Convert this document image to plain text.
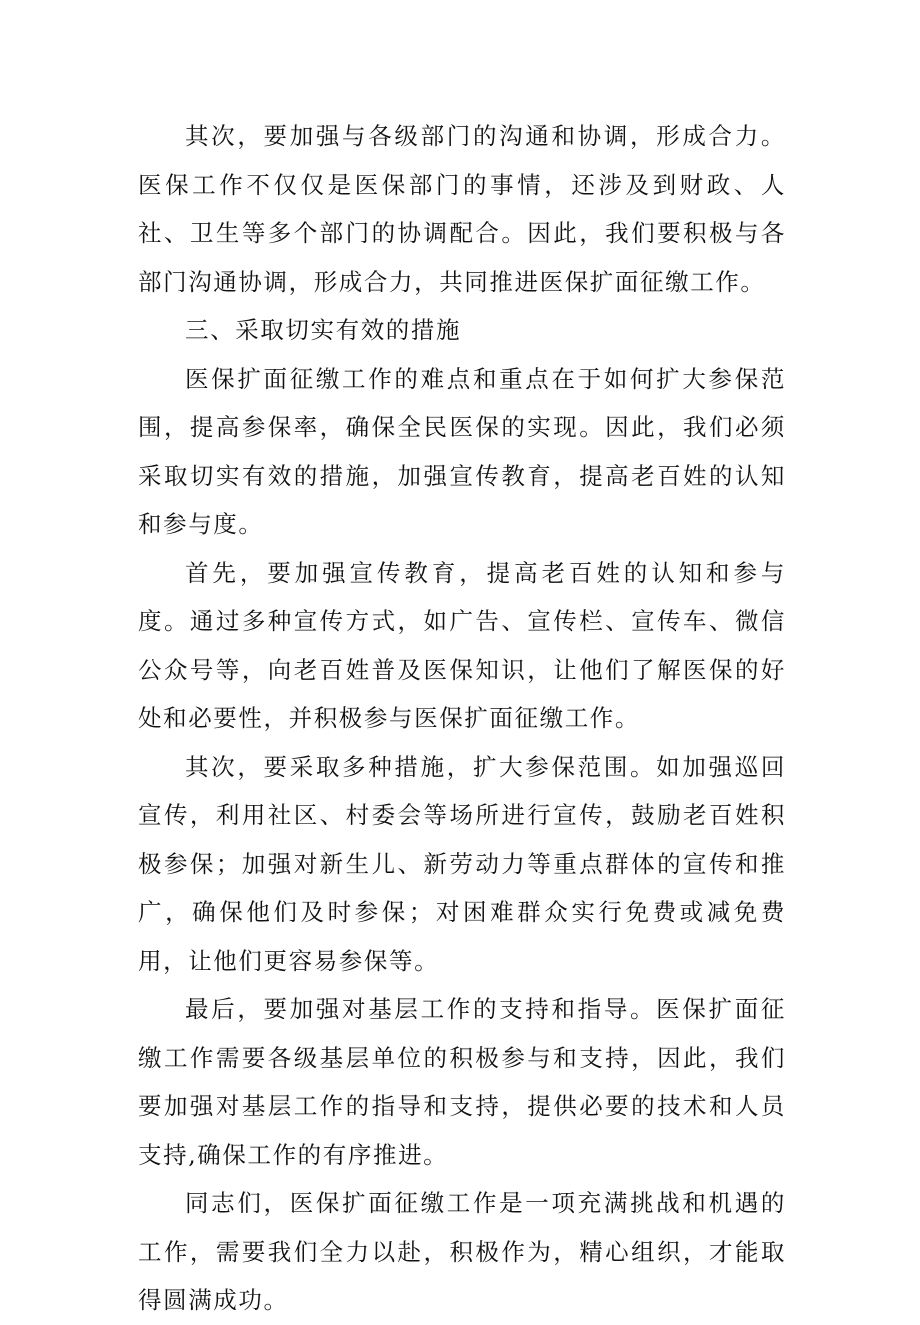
其次，要加强与各级部门的沟通和协调，形成合力。医保工作不仅仅是医保部门的事情，还涉及到财政、人社、卫生等多个部门的协调配合。因此，我们要积极与各部门沟通协调，形成合力，共同推进医保扩面征缴工作。

三、采取切实有效的措施

医保扩面征缴工作的难点和重点在于如何扩大参保范围，提高参保率，确保全民医保的实现。因此，我们必须采取切实有效的措施，加强宣传教育，提高老百姓的认知和参与度。

首先，要加强宣传教育，提高老百姓的认知和参与度。通过多种宣传方式，如广告、宣传栏、宣传车、微信公众号等，向老百姓普及医保知识，让他们了解医保的好处和必要性，并积极参与医保扩面征缴工作。

其次，要采取多种措施，扩大参保范围。如加强巡回宣传，利用社区、村委会等场所进行宣传，鼓励老百姓积极参保；加强对新生儿、新劳动力等重点群体的宣传和推广，确保他们及时参保；对困难群众实行免费或减免费用，让他们更容易参保等。

最后，要加强对基层工作的支持和指导。医保扩面征缴工作需要各级基层单位的积极参与和支持，因此，我们要加强对基层工作的指导和支持，提供必要的技术和人员支持,确保工作的有序推进。

同志们，医保扩面征缴工作是一项充满挑战和机遇的工作，需要我们全力以赴，积极作为，精心组织，才能取得圆满成功。
